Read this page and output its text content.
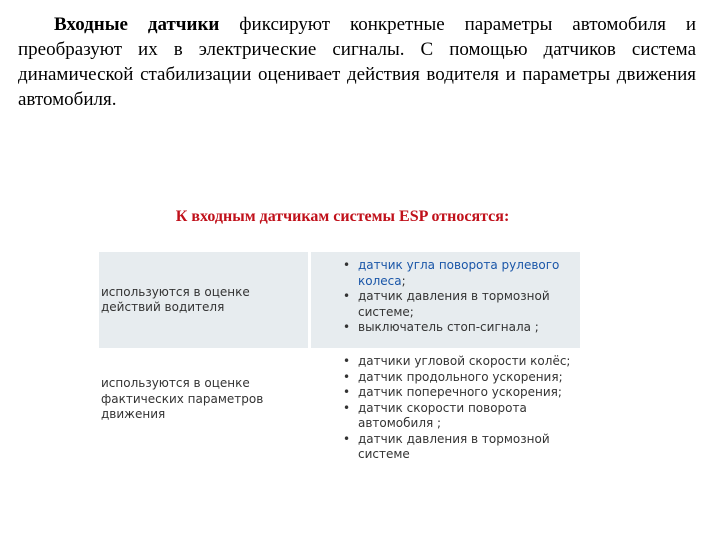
Входные датчики фиксируют конкретные параметры автомобиля и преобразуют их в электрические сигналы. С помощью датчиков система динамической стабилизации оценивает действия водителя и параметры движения автомобиля.

К входным датчикам системы ESP относятся:
используются в оценке действий водителя
• датчик угла поворота рулевого колеса;
• датчик давления в тормозной системе;
• выключатель стоп-сигнала ;
используются в оценке фактических параметров движения
• датчики угловой скорости колёс;
• датчик продольного ускорения;
• датчик поперечного ускорения;
• датчик скорости поворота автомобиля ;
• датчик давления в тормозной системе
